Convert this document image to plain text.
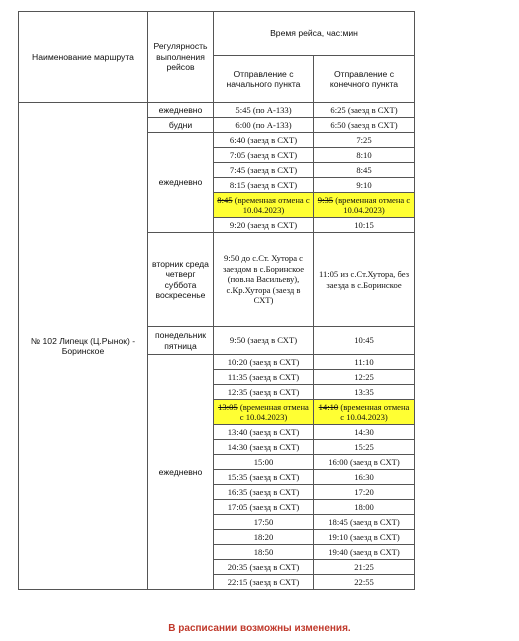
Наименование маршрута	Регулярность выполнения рейсов	Время рейса, час:мин	
		Отправление с начального пункта	Отправление с конечного пункта
№ 102 Липецк (Ц.Рынок) - Боринское	ежедневно	5:45 (по А-133)	6:25 (заезд в СХТ)
	будни	6:00 (по А-133)	6:50 (заезд в СХТ)
	ежедневно	6:40 (заезд в СХТ)	7:25
		7:05 (заезд в СХТ)	8:10
		7:45 (заезд в СХТ)	8:45
		8:15 (заезд в СХТ)	9:10
		8:45 (временная отмена с 10.04.2023)	9:35 (временная отмена с 10.04.2023)
		9:20 (заезд в СХТ)	10:15
	вторник среда четверг суббота воскресенье	9:50 до с.Ст. Хутора с заездом в с.Боринское (пов.на Васильеву), с.Кр.Хутора (заезд в СХТ)	11:05 из с.Ст.Хутора, без заезда в с.Боринское
	понедельник пятница	9:50 (заезд в СХТ)	10:45
	ежедневно	10:20 (заезд в СХТ)	11:10
		11:35 (заезд в СХТ)	12:25
		12:35 (заезд в СХТ)	13:35
		13:05 (временная отмена с 10.04.2023)	14:10 (временная отмена с 10.04.2023)
		13:40 (заезд в СХТ)	14:30
		14:30 (заезд в СХТ)	15:25
		15:00	16:00 (заезд в СХТ)
		15:35 (заезд в СХТ)	16:30
		16:35 (заезд в СХТ)	17:20
		17:05 (заезд в СХТ)	18:00
		17:50	18:45 (заезд в СХТ)
		18:20	19:10 (заезд в СХТ)
		18:50	19:40 (заезд в СХТ)
		20:35 (заезд в СХТ)	21:25
		22:15 (заезд в СХТ)	22:55
В расписании возможны изменения.
